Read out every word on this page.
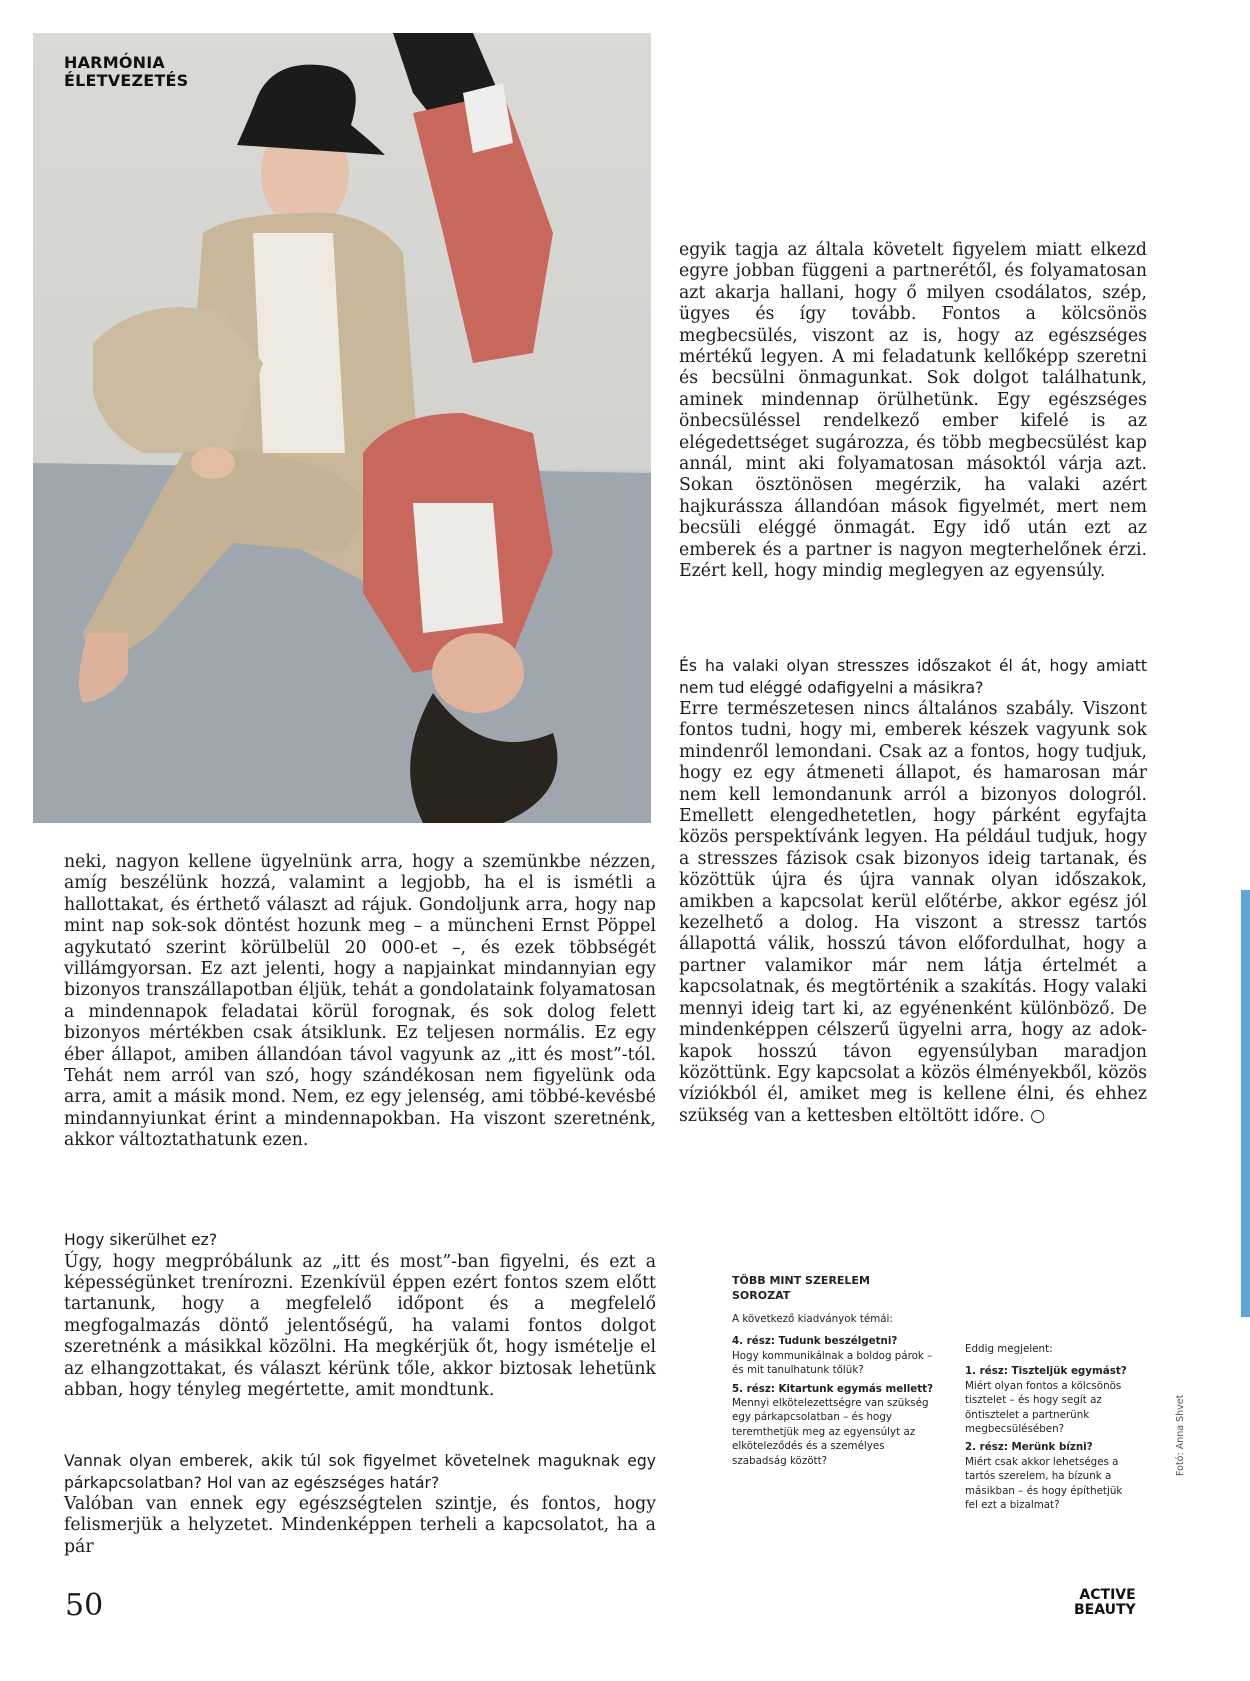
HARMÓNIA
ÉLETVEZETÉS

neki, nagyon kellene ügyelnünk arra, hogy a szemünkbe nézzen, amíg beszélünk hozzá, valamint a legjobb, ha el is ismétli a hallottakat, és érthető választ ad rájuk. Gondoljunk arra, hogy nap mint nap sok-sok döntést hozunk meg – a müncheni Ernst Pöppel agykutató szerint körülbelül 20 000-et –, és ezek többségét villámgyorsan. Ez azt jelenti, hogy a napjainkat mindannyian egy bizonyos transzállapotban éljük, tehát a gondolataink folyamatosan a mindennapok feladatai körül forognak, és sok dolog felett bizonyos mértékben csak átsiklunk. Ez teljesen normális. Ez egy éber állapot, amiben állandóan távol vagyunk az „itt és most”-tól. Tehát nem arról van szó, hogy szándékosan nem figyelünk oda arra, amit a másik mond. Nem, ez egy jelenség, ami többé-kevésbé mindannyiunkat érint a mindennapokban. Ha viszont szeretnénk, akkor változtathatunk ezen.

Hogy sikerülhet ez?

Úgy, hogy megpróbálunk az „itt és most”-ban figyelni, és ezt a képességünket trenírozni. Ezenkívül éppen ezért fontos szem előtt tartanunk, hogy a megfelelő időpont és a megfelelő megfogalmazás döntő jelentőségű, ha valami fontos dolgot szeretnénk a másikkal közölni. Ha megkérjük őt, hogy ismételje el az elhangzottakat, és választ kérünk tőle, akkor biztosak lehetünk abban, hogy tényleg megértette, amit mondtunk.

Vannak olyan emberek, akik túl sok figyelmet követelnek maguknak egy párkapcsolatban? Hol van az egészséges határ?

Valóban van ennek egy egészségtelen szintje, és fontos, hogy felismerjük a helyzetet. Mindenképpen terheli a kapcsolatot, ha a pár

egyik tagja az általa követelt figyelem miatt elkezd egyre jobban függeni a partnerétől, és folyamatosan azt akarja hallani, hogy ő milyen csodálatos, szép, ügyes és így tovább. Fontos a kölcsönös megbecsülés, viszont az is, hogy az egészséges mértékű legyen. A mi feladatunk kellőképp szeretni és becsülni önmagunkat. Sok dolgot találhatunk, aminek mindennap örülhetünk. Egy egészséges önbecsüléssel rendelkező ember kifelé is az elégedettséget sugározza, és több megbecsülést kap annál, mint aki folyamatosan másoktól várja azt. Sokan ösztönösen megérzik, ha valaki azért hajkurássza állandóan mások figyelmét, mert nem becsüli eléggé önmagát. Egy idő után ezt az emberek és a partner is nagyon megterhelőnek érzi. Ezért kell, hogy mindig meglegyen az egyensúly.

És ha valaki olyan stresszes időszakot él át, hogy amiatt nem tud eléggé odafigyelni a másikra?

Erre természetesen nincs általános szabály. Viszont fontos tudni, hogy mi, emberek készek vagyunk sok mindenről lemondani. Csak az a fontos, hogy tudjuk, hogy ez egy átmeneti állapot, és hamarosan már nem kell lemondanunk arról a bizonyos dologról. Emellett elengedhetetlen, hogy párként egyfajta közös perspektívánk legyen. Ha például tudjuk, hogy a stresszes fázisok csak bizonyos ideig tartanak, és közöttük újra és újra vannak olyan időszakok, amikben a kapcsolat kerül előtérbe, akkor egész jól kezelhető a dolog. Ha viszont a stressz tartós állapottá válik, hosszú távon előfordulhat, hogy a partner valamikor már nem látja értelmét a kapcsolatnak, és megtörténik a szakítás. Hogy valaki mennyi ideig tart ki, az egyénenként különböző. De mindenképpen célszerű ügyelni arra, hogy az adok-kapok hosszú távon egyensúlyban maradjon közöttünk. Egy kapcsolat a közös élményekből, közös víziókból él, amiket meg is kellene élni, és ehhez szükség van a kettesben eltöltött időre. ○

TÖBB MINT SZERELEM
SOROZAT
A következő kiadványok témái:
4. rész: Tudunk beszélgetni?
Hogy kommunikálnak a boldog párok – és mit tanulhatunk tőlük?
5. rész: Kitartunk egymás mellett?
Mennyi elkötelezettségre van szükség egy párkapcsolatban – és hogy teremthetjük meg az egyensúlyt az elköteleződés és a személyes szabadság között?
Eddig megjelent:
1. rész: Tiszteljük egymást?
Miért olyan fontos a kölcsönös tisztelet – és hogy segít az öntisztelet a partnerünk megbecsülésében?
2. rész: Merünk bízni?
Miért csak akkor lehetséges a tartós szerelem, ha bízunk a másikban – és hogy építhetjük fel ezt a bizalmat?
Fotó: Anna Shvet
50	ACTIVE
BEAUTY
